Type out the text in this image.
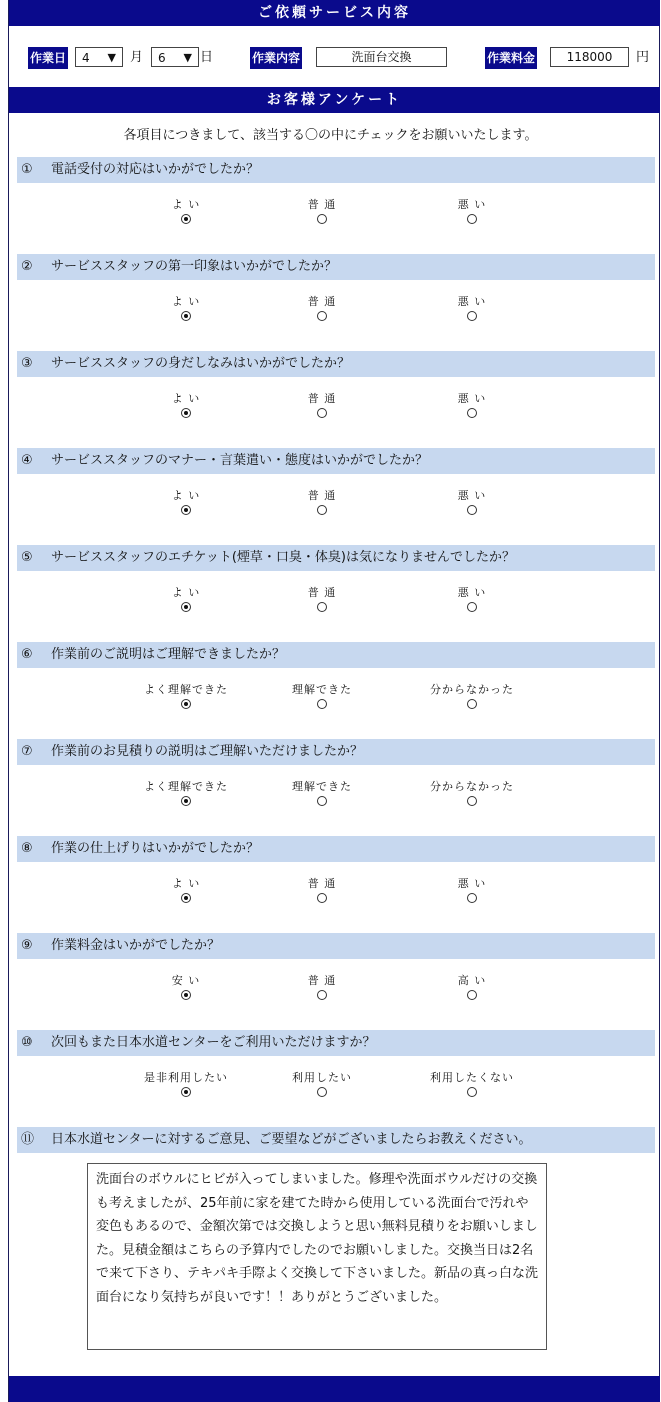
ご依頼サービス内容
作業日 4 ▼ 月 6 ▼ 日	作業内容	洗面台交換	作業料金	118000	円
お客様アンケート
各項目につきまして、該当する〇の中にチェックをお願いいたします。
① 電話受付の対応はいかがでしたか？
よ い	普 通	悪 い
② サービススタッフの第一印象はいかがでしたか？
よ い	普 通	悪 い
③ サービススタッフの身だしなみはいかがでしたか？
よ い	普 通	悪 い
④ サービススタッフのマナー・言葉遣い・態度はいかがでしたか？
よ い	普 通	悪 い
⑤ サービススタッフのエチケット(煙草・口臭・体臭)は気になりませんでしたか？
よ い	普 通	悪 い
⑥ 作業前のご説明はご理解できましたか？
よく理解できた	理解できた	分からなかった
⑦ 作業前のお見積りの説明はご理解いただけましたか？
よく理解できた	理解できた	分からなかった
⑧ 作業の仕上げりはいかがでしたか？
よ い	普 通	悪 い
⑨ 作業料金はいかがでしたか？
安 い	普 通	高 い
⑩ 次回もまた日本水道センターをご利用いただけますか？
是非利用したい	利用したい	利用したくない
⑪ 日本水道センターに対するご意見、ご要望などがございましたらお教えください。
洗面台のボウルにヒビが入ってしまいました。修理や洗面ボウルだけの交換も考えましたが、25年前に家を建てた時から使用している洗面台で汚れや変色もあるので、金額次第では交換しようと思い無料見積りをお願いしました。見積金額はこちらの予算内でしたのでお願いしました。交換当日は2名で来て下さり、テキパキ手際よく交換して下さいました。新品の真っ白な洗面台になり気持ちが良いです！！ありがとうございました。
